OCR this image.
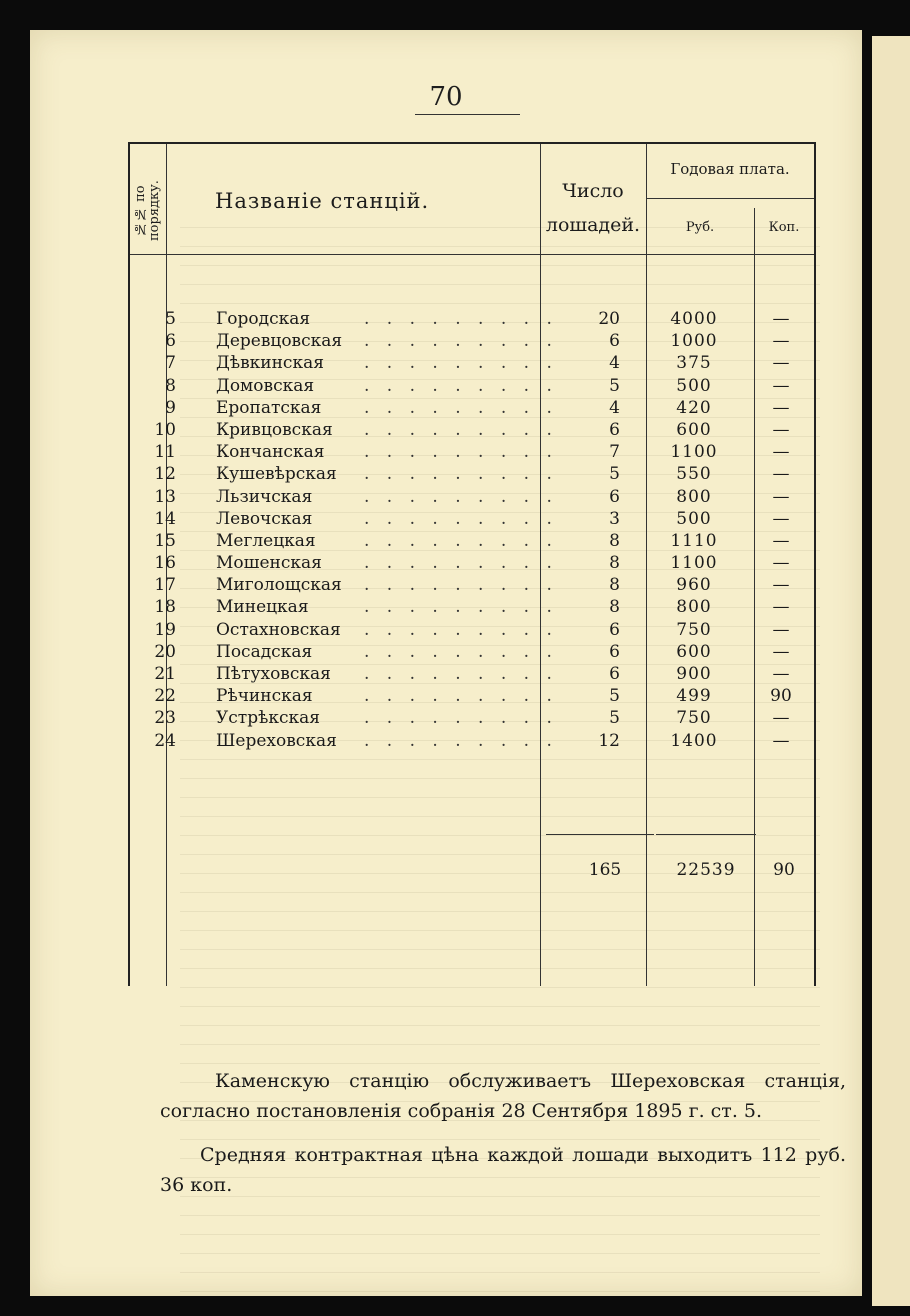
70
№№ по порядку.	Названіе станцій.	Число лошадей.
Годовая плата.
Руб.	Коп.
5 Городская	. . . . . . . . .	20	4000	—
6 Деревцовская . . . . . . . . .	6	1000	—
7 Дѣвкинская . . . . . . . . .	4	375	—
8 Домовская	. . . . . . . . .	5	500	—
9 Еропатская	. . . . . . . . .	4	420	—
10 Кривцовская . . . . . . . . .	6	600	—
11 Кончанская . . . . . . . . .	7	1100	—
12 Кушевѣрская . . . . . . . . .	5	550	—
13 Льзичская	. . . . . . . . .	6	800	—
14 Левочская	. . . . . . . . .	3	500	—
15 Меглецкая	. . . . . . . . .	8	1110	—
16 Мошенская . . . . . . . . .	8	1100	—
17 Миголощская . . . . . . . . .	8	960	—
18 Минецкая	. . . . . . . . .	8	800	—
19 Остахновская . . . . . . . . .	6	750	—
20 Посадская	. . . . . . . . .	6	600	—
21 Пѣтуховская . . . . . . . . .	6	900	—
22 Рѣчинская	. . . . . . . . .	5	499	90
23 Устрѣкская	. . . . . . . . .	5	750	—
24 Шереховская . . . . . . . . .	12	1400	—
165	22539	90
Каменскую станцію обслуживаетъ Шереховская станція, согласно постановленія собранія 28 Сентября 1895 г. ст. 5.
Средняя контрактная цѣна каждой лошади выходитъ 112 руб. 36 коп.
